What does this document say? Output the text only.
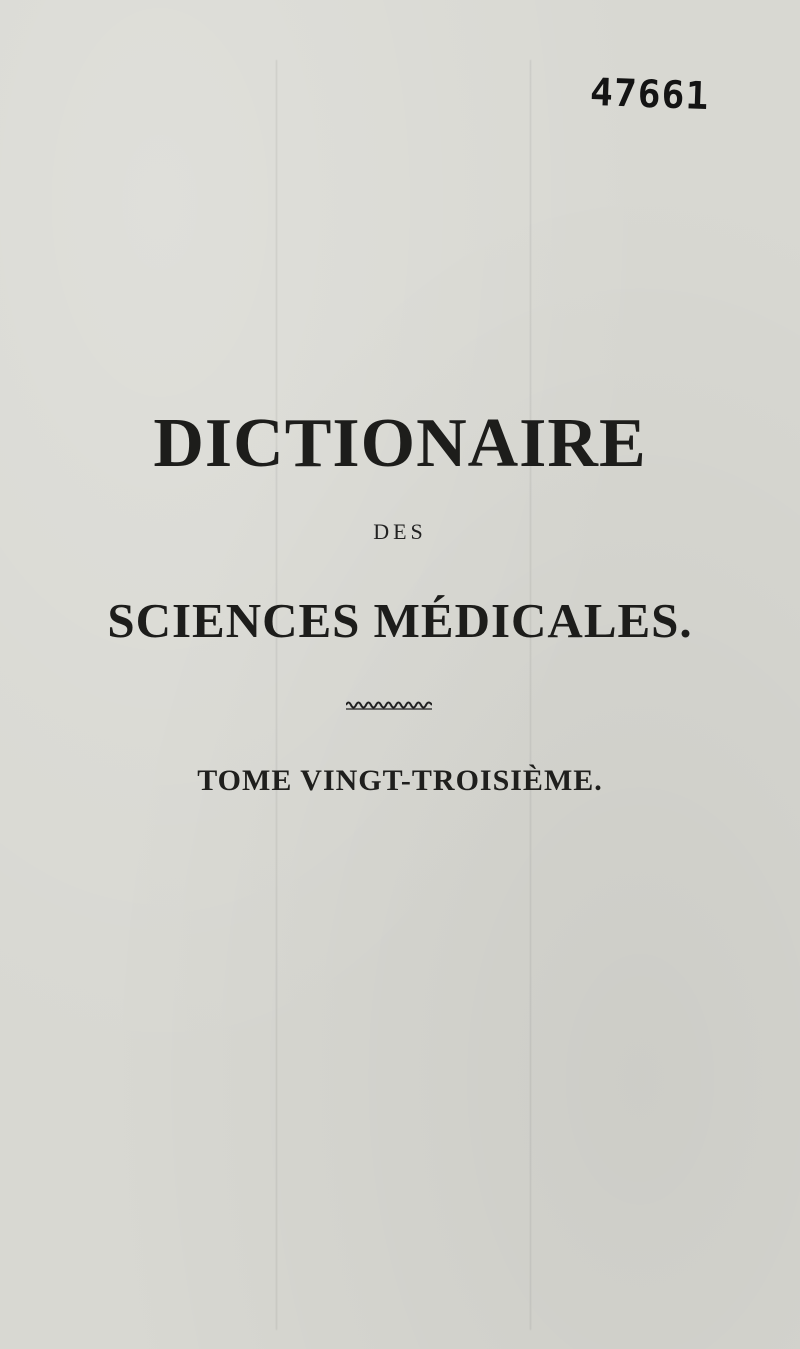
47661
DICTIONAIRE
DES
SCIENCES MÉDICALES.
TOME VINGT-TROISIÈME.
